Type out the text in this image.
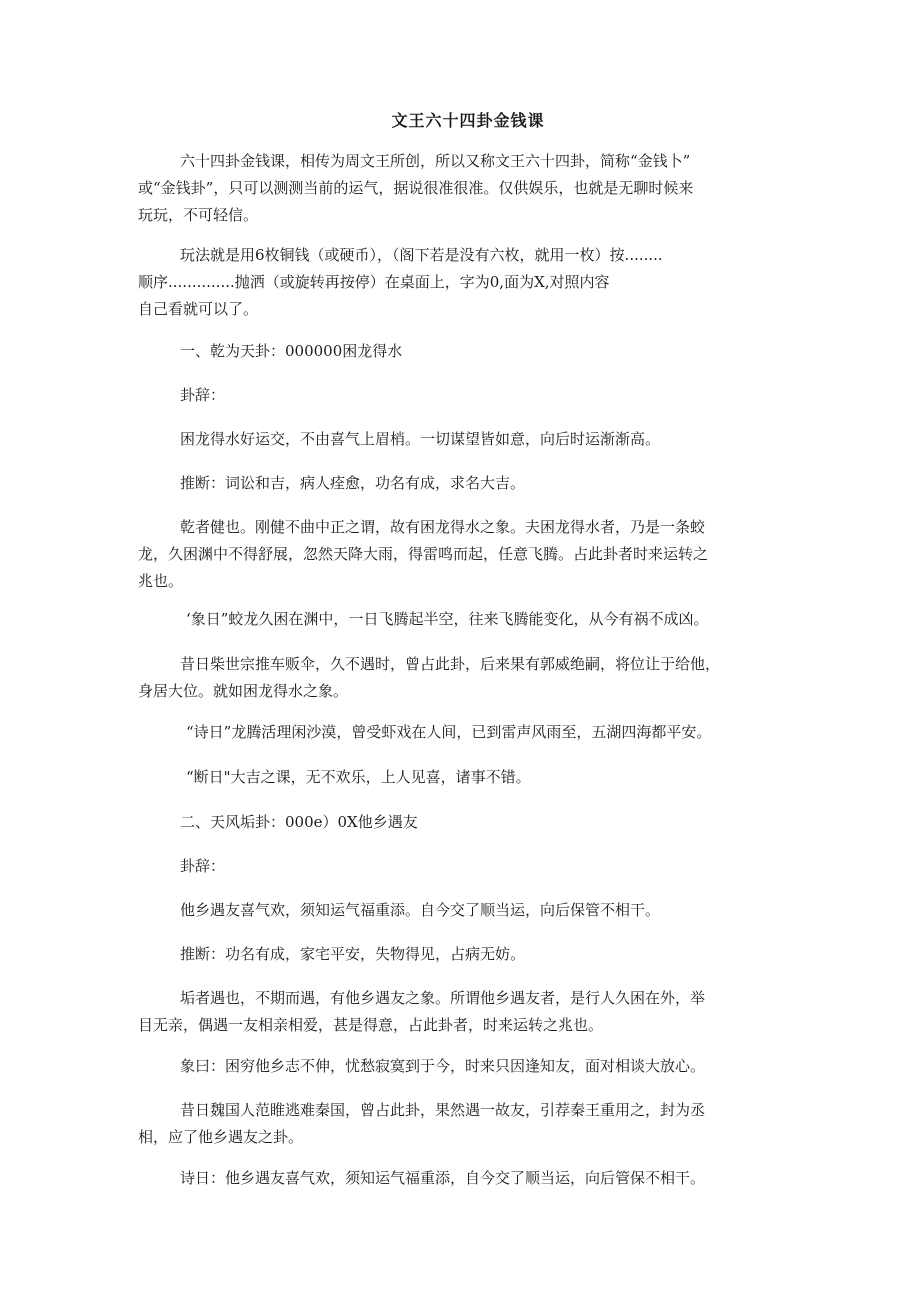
文王六十四卦金钱课

六十四卦金钱课，相传为周文王所创，所以又称文王六十四卦，简称“金钱卜”
或“金钱卦”，只可以测测当前的运气，据说很准很准。仅供娱乐，也就是无聊时候来
玩玩，不可轻信。

玩法就是用6枚铜钱（或硬币），（阁下若是没有六枚，就用一枚）按........
顺序..............抛洒（或旋转再按停）在桌面上，字为0,面为X,对照内容
自己看就可以了。

一、乾为天卦：000000困龙得水

卦辞：

困龙得水好运交，不由喜气上眉梢。一切谋望皆如意，向后时运渐渐高。

推断：词讼和吉，病人痊愈，功名有成，求名大吉。

乾者健也。刚健不曲中正之谓，故有困龙得水之象。夫困龙得水者，乃是一条蛟
龙，久困渊中不得舒展，忽然天降大雨，得雷鸣而起，任意飞腾。占此卦者时来运转之
兆也。

‘象日”蛟龙久困在渊中，一日飞腾起半空，往来飞腾能变化，从今有祸不成凶。

昔日柴世宗推车贩伞，久不遇时，曾占此卦，后来果有郭威绝嗣，将位让于给他，
身居大位。就如困龙得水之象。

“诗日”龙腾活理闲沙漠，曾受虾戏在人间，已到雷声风雨至，五湖四海都平安。

“断日"大吉之课，无不欢乐，上人见喜，诸事不错。

二、天风垢卦：000e）0X他乡遇友

卦辞：

他乡遇友喜气欢，须知运气福重添。自今交了顺当运，向后保管不相干。

推断：功名有成，家宅平安，失物得见，占病无妨。

垢者遇也，不期而遇，有他乡遇友之象。所谓他乡遇友者，是行人久困在外，举
目无亲，偶遇一友相亲相爱，甚是得意，占此卦者，时来运转之兆也。

象曰：困穷他乡志不伸，忧愁寂寞到于今，时来只因逢知友，面对相谈大放心。

昔日魏国人范睢逃难秦国，曾占此卦，果然遇一故友，引荐秦王重用之，封为丞
相，应了他乡遇友之卦。

诗日：他乡遇友喜气欢，须知运气福重添，自今交了顺当运，向后管保不相干。
